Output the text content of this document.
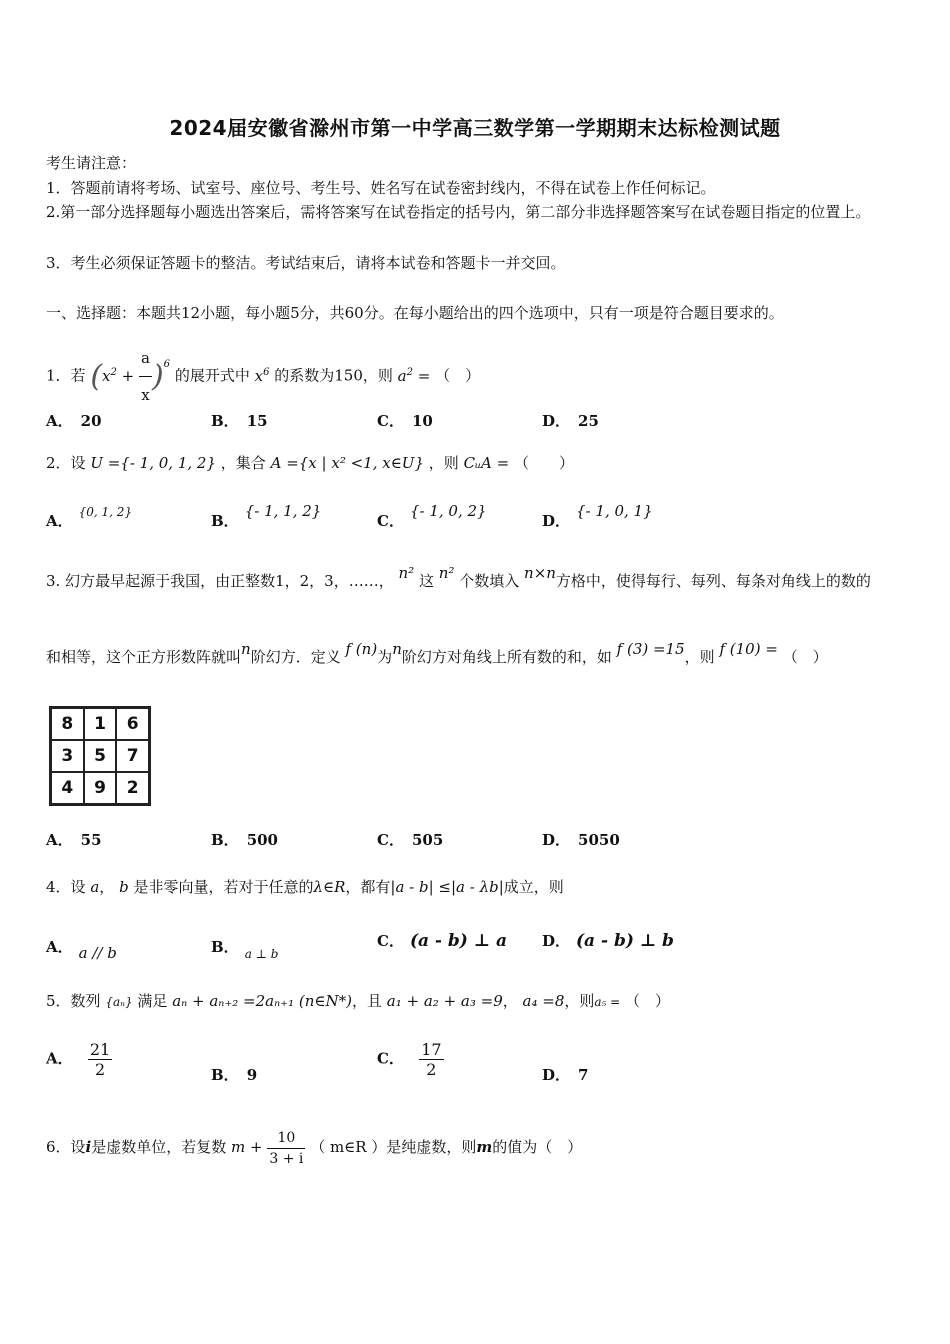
2024届安徽省滁州市第一中学高三数学第一学期期末达标检测试题
考生请注意：
1．答题前请将考场、试室号、座位号、考生号、姓名写在试卷密封线内，不得在试卷上作任何标记。
2.第一部分选择题每小题选出答案后，需将答案写在试卷指定的括号内，第二部分非选择题答案写在试卷题目指定的位置上。
3．考生必须保证答题卡的整洁。考试结束后，请将本试卷和答题卡一并交回。
一、选择题：本题共12小题，每小题5分，共60分。在每小题给出的四个选项中，只有一项是符合题目要求的。
1．若 $(x^2 + \frac{a}{x} )^6$ 的展开式中 $x^6$ 的系数为150，则 $a^2$ = （　）
A． 20	B． 15	C． 10	D． 25
2．设 U ={- 1, 0, 1, 2} ，集合 A ={x | x² <1, x∈U} ，则 CᵤA = （　　）
A． $^{\{0, 1, 2\}}$	B．{- 1, 1, 2}
C．{- 1, 0, 2}
D．{- 1, 0, 1}
3. 幻方最早起源于我国，由正整数1，2，3，……， n² 这 n² 个数填入 n×n方格中，使得每行、每列、每条对角线上的数的
和相等，这个正方形数阵就叫n阶幻方．定义 f (n)为n阶幻方对角线上所有数的和，如 f (3) =15，则 f (10) = （　）
8	1	6
3	5	7
4	9	2
A． 55	B． 500	C． 505	D． 5050
4．设 a， b 是非零向量，若对于任意的λ∈R，都有|a - b| ≤|a - λb|成立，则
A． a // b	B． $_{a \perp b}$
C． (a - b) ⊥ a D． (a - b) ⊥ b
5．数列 {aₙ} 满足 aₙ + aₙ₊₂ =2aₙ₊₁ (n∈N*)，且 a₁ + a₂ + a₃ =9， a₄ =8，则a₅ = （　）
A． $\frac{21}{2}$	B． 9
C． $\frac{17}{2}$	D． 7
6．设i是虚数单位，若复数 $m + \frac{10}{3 + i}$ （ m∈R ）是纯虚数，则m的值为（　）
